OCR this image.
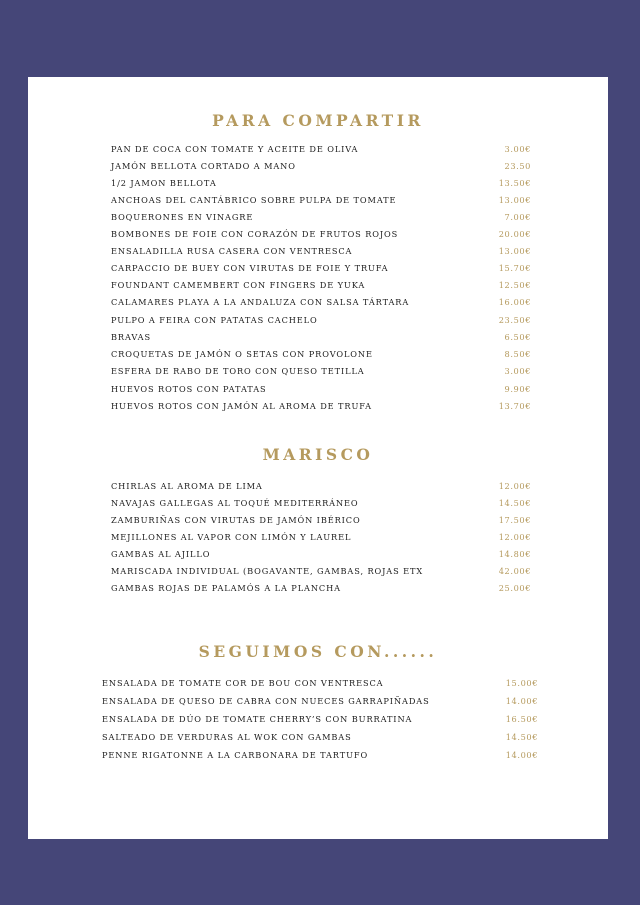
PARA COMPARTIR
PAN DE COCA CON TOMATE Y ACEITE DE OLIVA	3.00€
JAMÓN BELLOTA CORTADO A MANO	23.50
1/2 JAMON BELLOTA	13.50€
ANCHOAS DEL CANTÁBRICO SOBRE PULPA DE TOMATE	13.00€
BOQUERONES EN VINAGRE	7.00€
BOMBONES DE FOIE CON CORAZÓN DE FRUTOS ROJOS	20.00€
ENSALADILLA RUSA CASERA CON VENTRESCA	13.00€
CARPACCIO DE BUEY CON VIRUTAS DE FOIE Y TRUFA	15.70€
FOUNDANT CAMEMBERT CON FINGERS DE YUKA	12.50€
CALAMARES PLAYA A LA ANDALUZA CON SALSA TÁRTARA	16.00€
PULPO A FEIRA CON PATATAS CACHELO	23.50€
BRAVAS	6.50€
CROQUETAS DE JAMÓN O SETAS CON PROVOLONE	8.50€
ESFERA DE RABO DE TORO CON QUESO TETILLA	3.00€
HUEVOS ROTOS CON PATATAS	9.90€
HUEVOS ROTOS CON JAMÓN AL AROMA DE TRUFA	13.70€
MARISCO
CHIRLAS AL AROMA DE LIMA	12.00€
NAVAJAS GALLEGAS AL TOQUÉ MEDITERRÁNEO	14.50€
ZAMBURIÑAS CON VIRUTAS DE JAMÓN IBÉRICO	17.50€
MEJILLONES AL VAPOR CON LIMÓN Y LAUREL	12.00€
GAMBAS AL AJILLO	14.80€
MARISCADA INDIVIDUAL (BOGAVANTE, GAMBAS, ROJAS ETX	42.00€
GAMBAS ROJAS DE PALAMÓS A LA PLANCHA	25.00€
SEGUIMOS CON......
ENSALADA DE TOMATE COR DE BOU CON VENTRESCA	15.00€
ENSALADA DE QUESO DE CABRA CON NUECES GARRAPIÑADAS	14.00€
ENSALADA DE DÚO DE TOMATE CHERRY’S CON BURRATINA	16.50€
SALTEADO DE VERDURAS AL WOK CON GAMBAS	14.50€
PENNE RIGATONNE A LA CARBONARA DE TARTUFO	14.00€
